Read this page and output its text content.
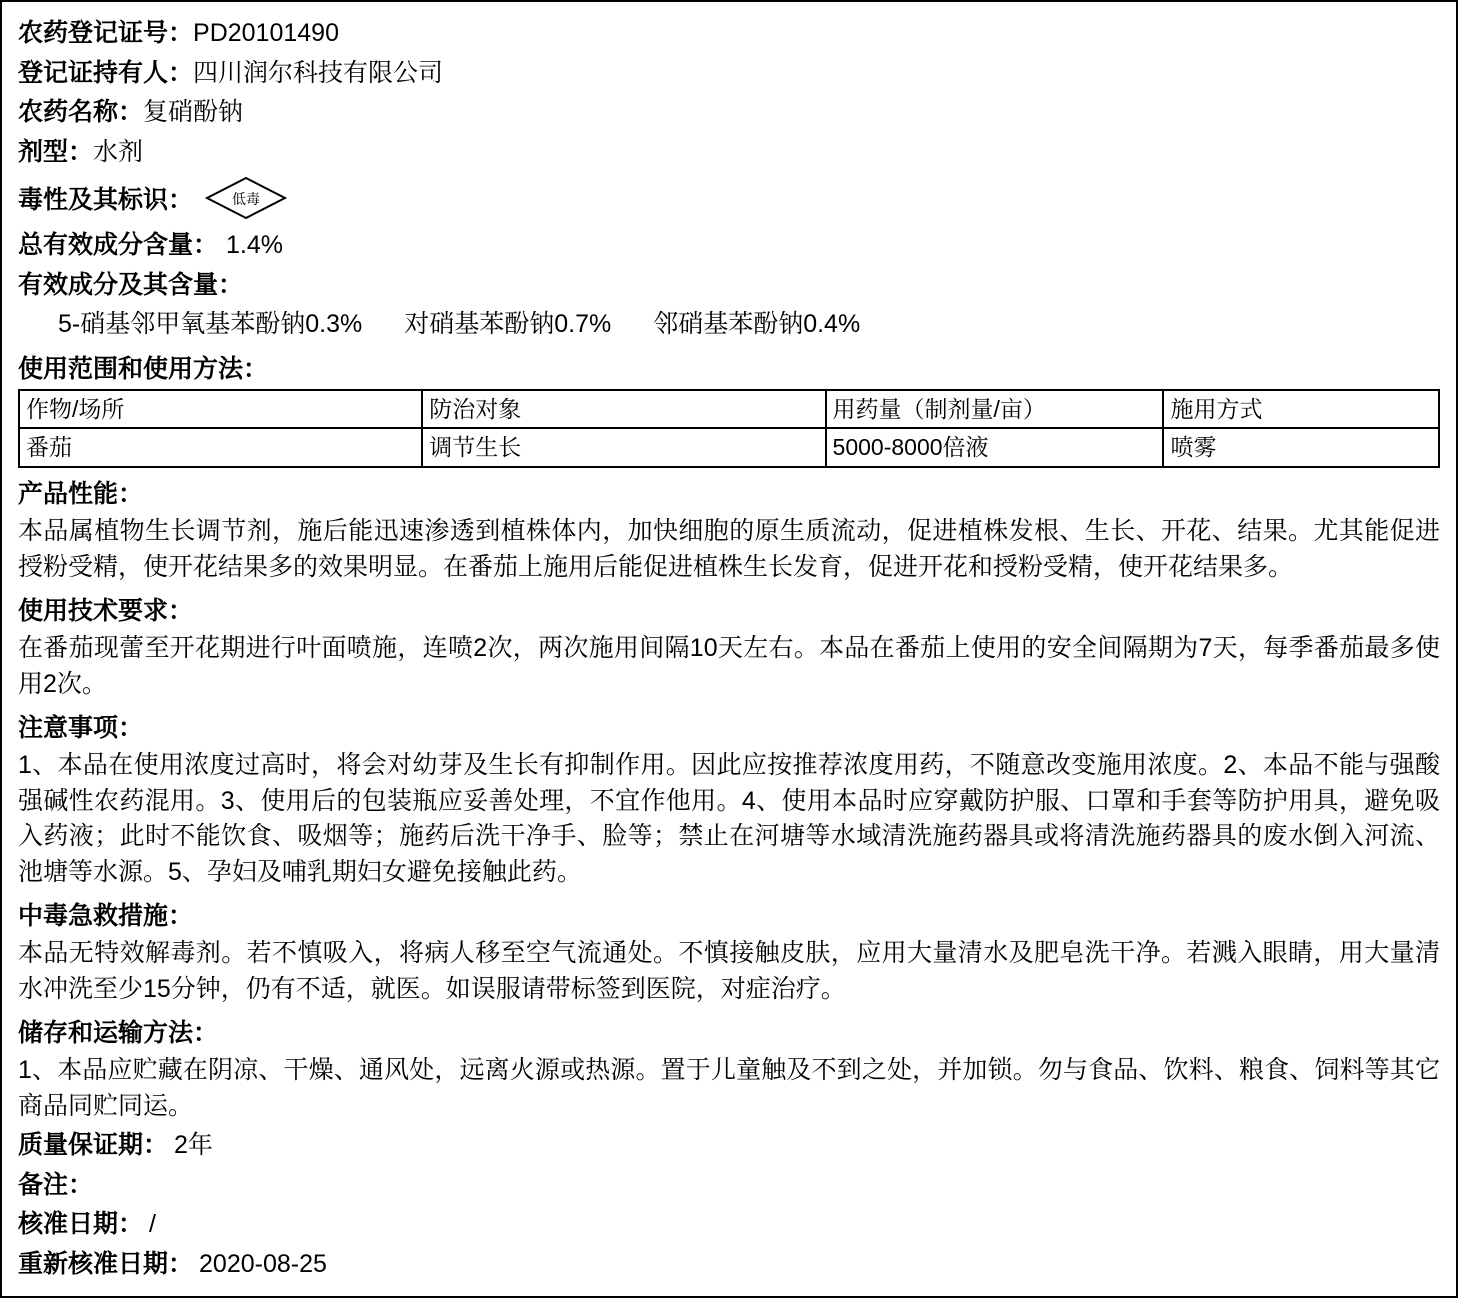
农药登记证号：PD20101490
登记证持有人：四川润尔科技有限公司
农药名称：复硝酚钠
剂型：水剂
毒性及其标识：	低毒
总有效成分含量： 1.4%
有效成分及其含量：
5-硝基邻甲氧基苯酚钠0.3% 对硝基苯酚钠0.7% 邻硝基苯酚钠0.4%
使用范围和使用方法：
作物/场所	防治对象	用药量（制剂量/亩）	施用方式
番茄	调节生长	5000-8000倍液	喷雾
产品性能：
本品属植物生长调节剂，施后能迅速渗透到植株体内，加快细胞的原生质流动，促进植株发根、生长、开花、结果。尤其能促进授粉受精，使开花结果多的效果明显。在番茄上施用后能促进植株生长发育，促进开花和授粉受精，使开花结果多。
使用技术要求：
在番茄现蕾至开花期进行叶面喷施，连喷2次，两次施用间隔10天左右。本品在番茄上使用的安全间隔期为7天，每季番茄最多使用2次。
注意事项：
1、本品在使用浓度过高时，将会对幼芽及生长有抑制作用。因此应按推荐浓度用药，不随意改变施用浓度。2、本品不能与强酸强碱性农药混用。3、使用后的包装瓶应妥善处理，不宜作他用。4、使用本品时应穿戴防护服、口罩和手套等防护用具，避免吸入药液；此时不能饮食、吸烟等；施药后洗干净手、脸等；禁止在河塘等水域清洗施药器具或将清洗施药器具的废水倒入河流、池塘等水源。5、孕妇及哺乳期妇女避免接触此药。
中毒急救措施：
本品无特效解毒剂。若不慎吸入，将病人移至空气流通处。不慎接触皮肤，应用大量清水及肥皂洗干净。若溅入眼睛，用大量清水冲洗至少15分钟，仍有不适，就医。如误服请带标签到医院，对症治疗。
储存和运输方法：
1、本品应贮藏在阴凉、干燥、通风处，远离火源或热源。置于儿童触及不到之处，并加锁。勿与食品、饮料、粮食、饲料等其它商品同贮同运。
质量保证期： 2年
备注：
核准日期： /
重新核准日期： 2020-08-25
